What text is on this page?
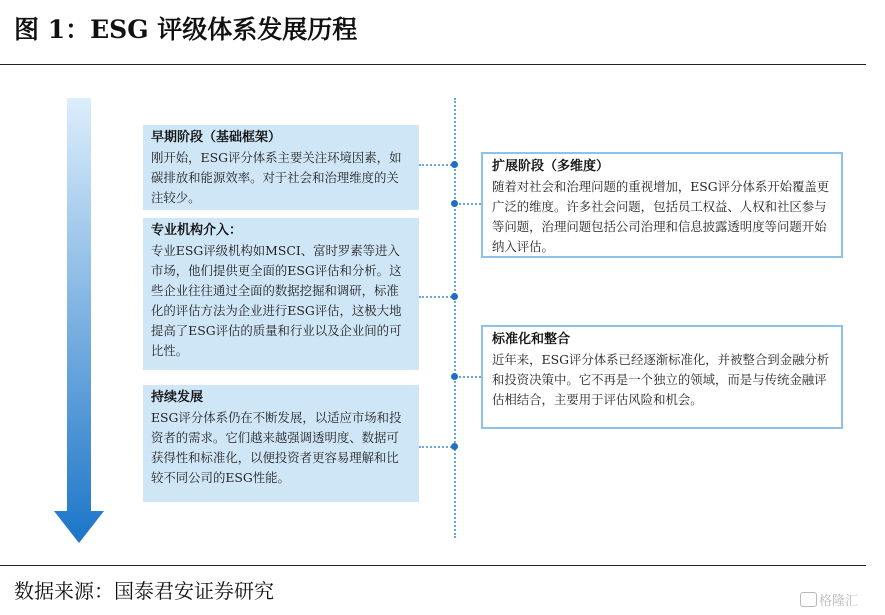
图 1：ESG 评级体系发展历程
早期阶段（基础框架）
刚开始，ESG评分体系主要关注环境因素，如碳排放和能源效率。对于社会和治理维度的关注较少。
专业机构介入：
专业ESG评级机构如MSCI、富时罗素等进入市场，他们提供更全面的ESG评估和分析。这些企业往往通过全面的数据挖掘和调研，标准化的评估方法为企业进行ESG评估，这极大地提高了ESG评估的质量和行业以及企业间的可比性。
持续发展
ESG评分体系仍在不断发展，以适应市场和投资者的需求。它们越来越强调透明度、数据可获得性和标准化，以便投资者更容易理解和比较不同公司的ESG性能。
扩展阶段（多维度）
随着对社会和治理问题的重视增加，ESG评分体系开始覆盖更广泛的维度。许多社会问题，包括员工权益、人权和社区参与等问题，治理问题包括公司治理和信息披露透明度等问题开始纳入评估。
标准化和整合
近年来，ESG评分体系已经逐渐标准化，并被整合到金融分析和投资决策中。它不再是一个独立的领域，而是与传统金融评估相结合，主要用于评估风险和机会。
数据来源：国泰君安证券研究	格隆汇
